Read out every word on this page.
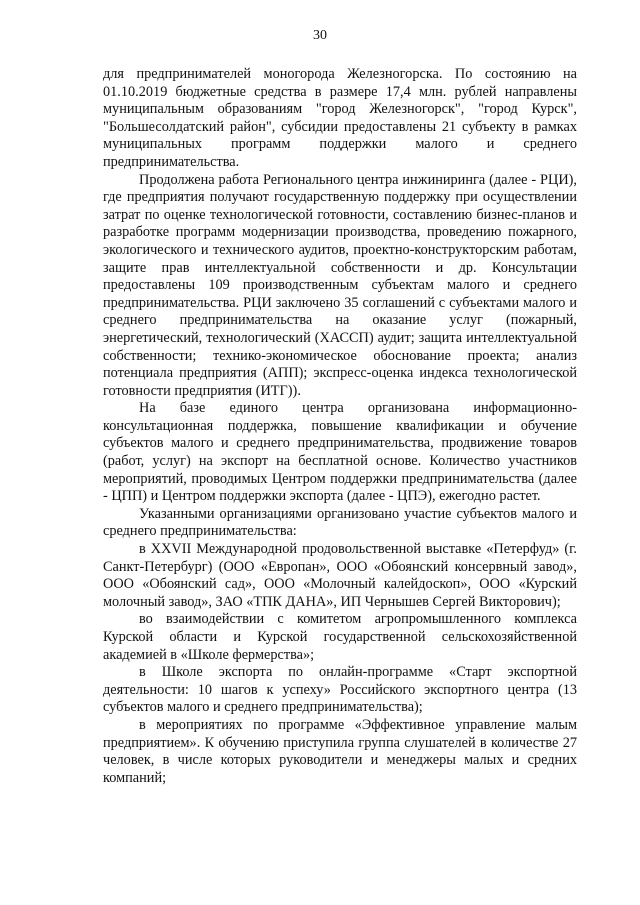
30

для предпринимателей моногорода Железногорска. По состоянию на 01.10.2019 бюджетные средства в размере 17,4 млн. рублей направлены муниципальным образованиям "город Железногорск", "город Курск", "Большесолдатский район", субсидии предоставлены 21 субъекту в рамках муниципальных программ поддержки малого и среднего предпринимательства.

Продолжена работа Регионального центра инжиниринга (далее - РЦИ), где предприятия получают государственную поддержку при осуществлении затрат по оценке технологической готовности, составлению бизнес-планов и разработке программ модернизации производства, проведению пожарного, экологического и технического аудитов, проектно-конструкторским работам, защите прав интеллектуальной собственности и др. Консультации предоставлены 109 производственным субъектам малого и среднего предпринимательства. РЦИ заключено 35 соглашений с субъектами малого и среднего предпринимательства на оказание услуг (пожарный, энергетический, технологический (ХАССП) аудит; защита интеллектуальной собственности; технико-экономическое обоснование проекта; анализ потенциала предприятия (АПП); экспресс-оценка индекса технологической готовности предприятия (ИТГ)).

На базе единого центра организована информационно-консультационная поддержка, повышение квалификации и обучение субъектов малого и среднего предпринимательства, продвижение товаров (работ, услуг) на экспорт на бесплатной основе. Количество участников мероприятий, проводимых Центром поддержки предпринимательства (далее - ЦПП) и Центром поддержки экспорта (далее - ЦПЭ), ежегодно растет.

Указанными организациями организовано участие субъектов малого и среднего предпринимательства:

в XXVII Международной продовольственной выставке «Петерфуд» (г. Санкт-Петербург) (ООО «Европан», ООО «Обоянский консервный завод», ООО «Обоянский сад», ООО «Молочный калейдоскоп», ООО «Курский молочный завод», ЗАО «ТПК ДАНА», ИП Чернышев Сергей Викторович);

во взаимодействии с комитетом агропромышленного комплекса Курской области и Курской государственной сельскохозяйственной академией в «Школе фермерства»;

в Школе экспорта по онлайн-программе «Старт экспортной деятельности: 10 шагов к успеху» Российского экспортного центра (13 субъектов малого и среднего предпринимательства);

в мероприятиях по программе «Эффективное управление малым предприятием». К обучению приступила группа слушателей в количестве 27 человек, в числе которых руководители и менеджеры малых и средних компаний;
